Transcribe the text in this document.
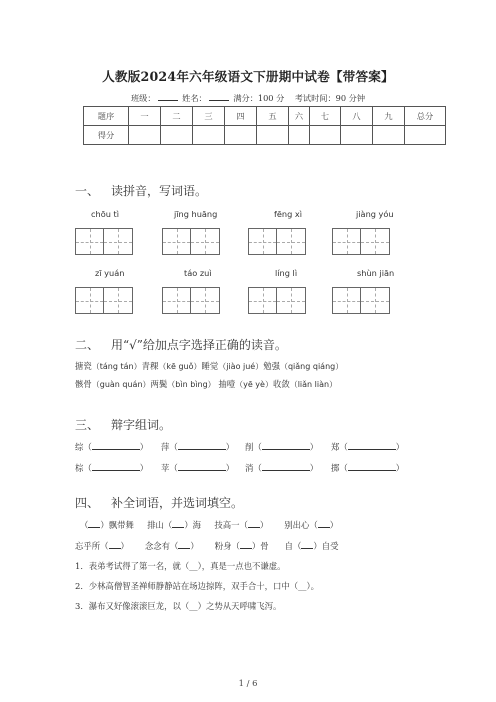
人教版2024年六年级语文下册期中试卷【带答案】
班级：	姓名：	满分：100 分 考试时间：90 分钟
题序	一	二	三	四	五	六	七	八	九	总分
得分										
一、 读拼音，写词语。
chōu tì	jīng huāng	fēng xì	jiàng yóu
zī yuán	táo zuì	líng lì	shùn jiān
二、 用“√”给加点字选择正确的读音。
搪瓷（táng tán）青稞（kē guǒ）睡觉（jiào jué）勉强（qiǎng qiáng）
骸骨（guàn quán）两鬓（bìn bìng） 抽噎（yē yè）收敛（liǎn liàn）
三、 辩字组词。
综（	） 萍（	） 削（	） 郑（	）
棕（	） 苹（	） 消（	） 掷（	）
四、 补全词语，并选词填空。
（ ）飘带舞 排山（ ）海 技高一（ ） 别出心（ ）
忘乎所（ ） 念念有（ ） 粉身（ ）骨 自（ ）自受
1．表弟考试得了第一名，就（__），真是一点也不谦虚。
2．少林高僧智圣禅师静静站在场边掠阵，双手合十，口中（__）。
3．瀑布又好像滚滚巨龙，以（__）之势从天呼啸飞泻。
1 / 6
